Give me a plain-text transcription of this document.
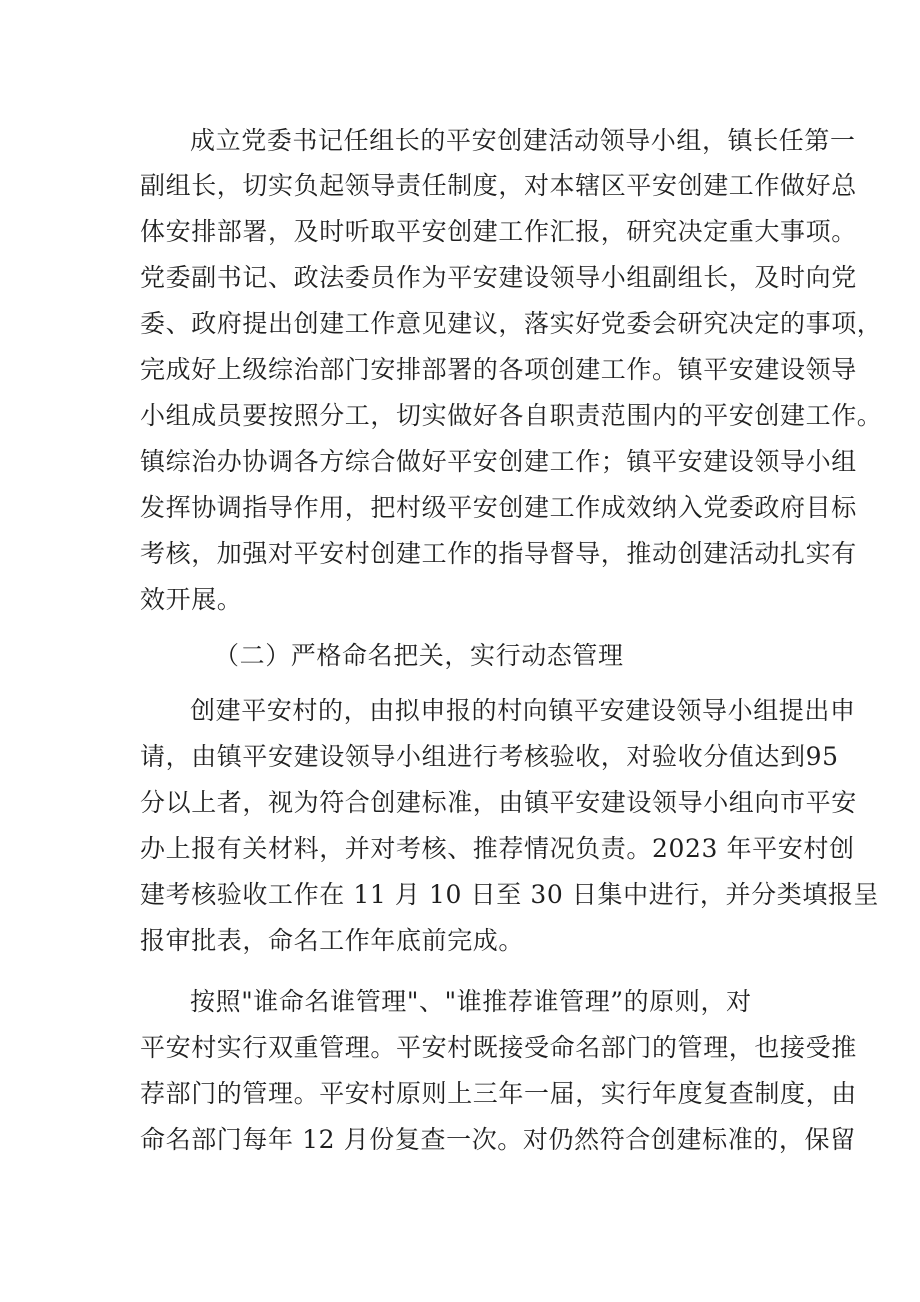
成立党委书记任组长的平安创建活动领导小组，镇长任第一
副组长，切实负起领导责任制度，对本辖区平安创建工作做好总
体安排部署，及时听取平安创建工作汇报，研究决定重大事项。
党委副书记、政法委员作为平安建设领导小组副组长，及时向党
委、政府提出创建工作意见建议，落实好党委会研究决定的事项，
完成好上级综治部门安排部署的各项创建工作。镇平安建设领导
小组成员要按照分工，切实做好各自职责范围内的平安创建工作。
镇综治办协调各方综合做好平安创建工作；镇平安建设领导小组
发挥协调指导作用，把村级平安创建工作成效纳入党委政府目标
考核，加强对平安村创建工作的指导督导，推动创建活动扎实有
效开展。
（二）严格命名把关，实行动态管理
创建平安村的，由拟申报的村向镇平安建设领导小组提出申
请，由镇平安建设领导小组进行考核验收，对验收分值达到95
分以上者，视为符合创建标准，由镇平安建设领导小组向市平安
办上报有关材料，并对考核、推荐情况负责。2023 年平安村创
建考核验收工作在 11 月 10 日至 30 日集中进行，并分类填报呈
报审批表，命名工作年底前完成。
按照"谁命名谁管理"、"谁推荐谁管理”的原则，对
平安村实行双重管理。平安村既接受命名部门的管理，也接受推
荐部门的管理。平安村原则上三年一届，实行年度复查制度，由
命名部门每年 12 月份复查一次。对仍然符合创建标准的，保留
